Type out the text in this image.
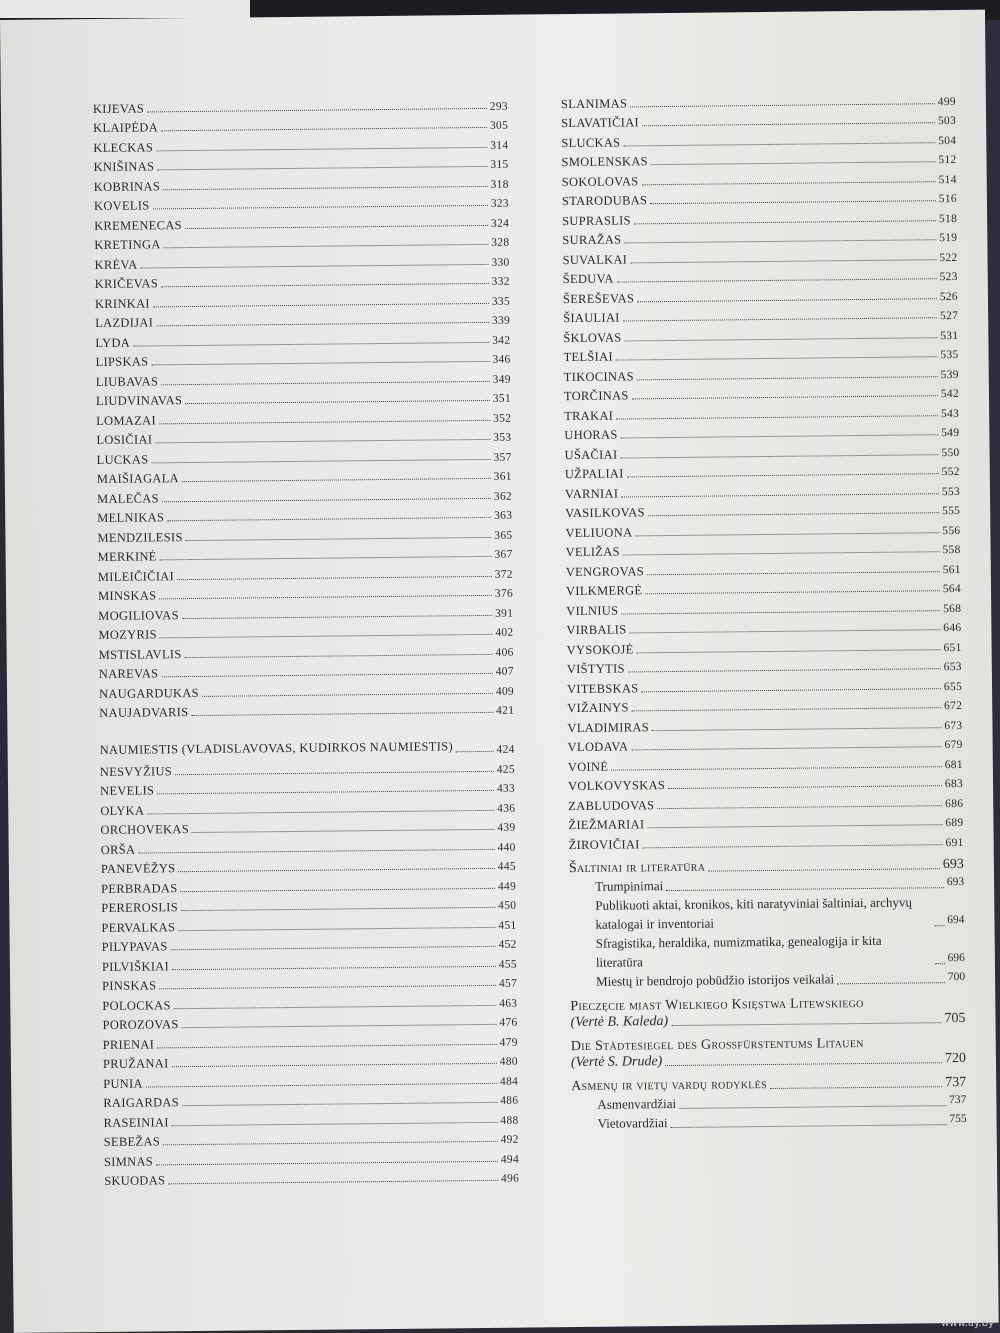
KIJEVAS	293
KLAIPĖDA	305
KLECKAS	314
KNIŠINAS	315
KOBRINAS	318
KOVELIS	323
KREMENECAS	324
KRETINGA	328
KRĖVA	330
KRIČEVAS	332
KRINKAI	335
LAZDIJAI	339
LYDA	342
LIPSKAS	346
LIUBAVAS	349
LIUDVINAVAS	351
LOMAZAI	352
LOSIČIAI	353
LUCKAS	357
MAIŠIAGALA	361
MALEČAS	362
MELNIKAS	363
MENDZILESIS	365
MERKINĖ	367
MILEIČIČIAI	372
MINSKAS	376
MOGILIOVAS	391
MOZYRIS	402
MSTISLAVLIS	406
NAREVAS	407
NAUGARDUKAS	409
NAUJADVARIS	421
NAUMIESTIS (VLADISLAVOVAS, KUDIRKOS NAUMIESTIS)	424
NESVYŽIUS	425
NEVELIS	433
OLYKA	436
ORCHOVEKAS	439
ORŠA	440
PANEVĖŽYS	445
PERBRADAS	449
PEREROSLIS	450
PERVALKAS	451
PILYPAVAS	452
PILVIŠKIAI	455
PINSKAS	457
POLOCKAS	463
POROZOVAS	476
PRIENAI	479
PRUŽANAI	480
PUNIA	484
RAIGARDAS	486
RASEINIAI	488
SEBEŽAS	492
SIMNAS	494
SKUODAS	496
SLANIMAS	499
SLAVATIČIAI	503
SLUCKAS	504
SMOLENSKAS	512
SOKOLOVAS	514
STARODUBAS	516
SUPRASLIS	518
SURAŽAS	519
SUVALKAI	522
ŠEDUVA	523
ŠEREŠEVAS	526
ŠIAULIAI	527
ŠKLOVAS	531
TELŠIAI	535
TIKOCINAS	539
TORČINAS	542
TRAKAI	543
UHORAS	549
UŠAČIAI	550
UŽPALIAI	552
VARNIAI	553
VASILKOVAS	555
VELIUONA	556
VELIŽAS	558
VENGROVAS	561
VILKMERGĖ	564
VILNIUS	568
VIRBALIS	646
VYSOKOJĖ	651
VIŠTYTIS	653
VITEBSKAS	655
VIŽAINYS	672
VLADIMIRAS	673
VLODAVA	679
VOINĖ	681
VOLKOVYSKAS	683
ZABLUDOVAS	686
ŽIEŽMARIAI	689
ŽIROVIČIAI	691
Šaltiniai ir literatūra	693
Trumpinimai	693
Publikuoti aktai, kronikos, kiti naratyviniai šaltiniai, archyvų katalogai ir inventoriai	694
Sfragistika, heraldika, numizmatika, genealogija ir kita literatūra	696
Miestų ir bendrojo pobūdžio istorijos veikalai	700
Pieczęcie miast Wielkiego Księstwa Litewskiego
(Vertė B. Kaleda)	705
Die Städtesiegel des Großfürstentums Litauen
(Vertė S. Drude)	720
Asmenų ir vietų vardų rodyklės	737
Asmenvardžiai	737
Vietovardžiai	755
www.ay.by
